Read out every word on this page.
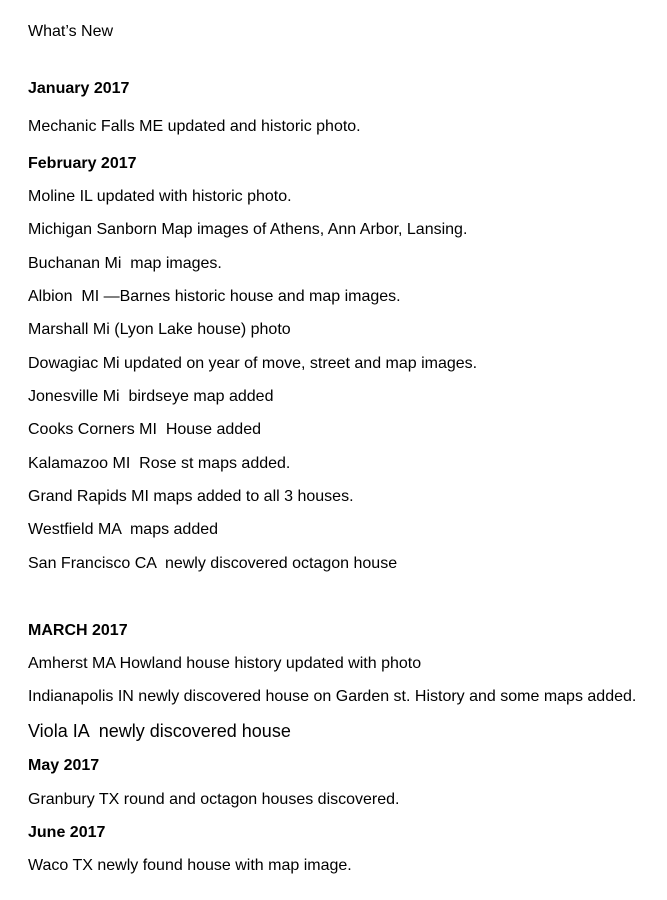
What’s New

January 2017

Mechanic Falls ME updated and historic photo.

February 2017

Moline IL updated with historic photo.

Michigan Sanborn Map images of Athens, Ann Arbor, Lansing.

Buchanan Mi  map images.

Albion  MI —Barnes historic house and map images.

Marshall Mi (Lyon Lake house) photo

Dowagiac Mi updated on year of move, street and map images.

Jonesville Mi  birdseye map added

Cooks Corners MI  House added

Kalamazoo MI  Rose st maps added.

Grand Rapids MI maps added to all 3 houses.

Westfield MA  maps added

San Francisco CA  newly discovered octagon house

MARCH 2017

Amherst MA Howland house history updated with photo

Indianapolis IN newly discovered house on Garden st. History and some maps added.

Viola IA  newly discovered house

May 2017

Granbury TX round and octagon houses discovered.

June 2017

Waco TX newly found house with map image.
